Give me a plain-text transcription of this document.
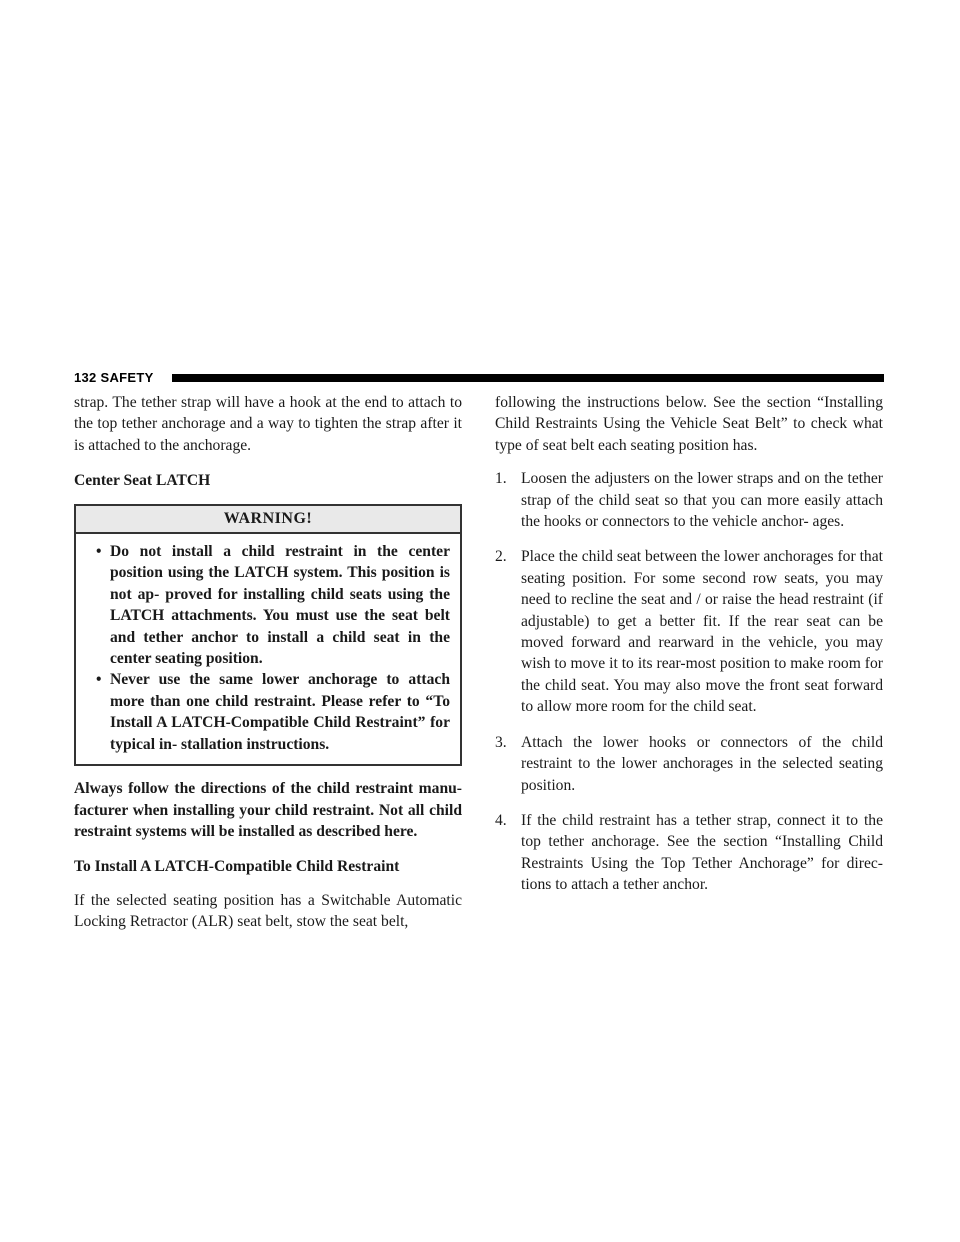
132 SAFETY

strap. The tether strap will have a hook at the end to attach to the top tether anchorage and a way to tighten the strap after it is attached to the anchorage.

Center Seat LATCH
WARNING!
• Do not install a child restraint in the center position using the LATCH system. This position is not ap- proved for installing child seats using the LATCH attachments. You must use the seat belt and tether anchor to install a child seat in the center seating position.
• Never use the same lower anchorage to attach more than one child restraint. Please refer to “To Install A LATCH-Compatible Child Restraint” for typical in- stallation instructions.

Always follow the directions of the child restraint manu- facturer when installing your child restraint. Not all child restraint systems will be installed as described here.

To Install A LATCH-Compatible Child Restraint

If the selected seating position has a Switchable Automatic Locking Retractor (ALR) seat belt, stow the seat belt,

following the instructions below. See the section “Installing Child Restraints Using the Vehicle Seat Belt” to check what type of seat belt each seating position has.

1. Loosen the adjusters on the lower straps and on the tether strap of the child seat so that you can more easily attach the hooks or connectors to the vehicle anchor- ages.
2. Place the child seat between the lower anchorages for that seating position. For some second row seats, you may need to recline the seat and / or raise the head restraint (if adjustable) to get a better fit. If the rear seat can be moved forward and rearward in the vehicle, you may wish to move it to its rear-most position to make room for the child seat. You may also move the front seat forward to allow more room for the child seat.
3. Attach the lower hooks or connectors of the child restraint to the lower anchorages in the selected seating position.
4. If the child restraint has a tether strap, connect it to the top tether anchorage. See the section “Installing Child Restraints Using the Top Tether Anchorage” for direc- tions to attach a tether anchor.
